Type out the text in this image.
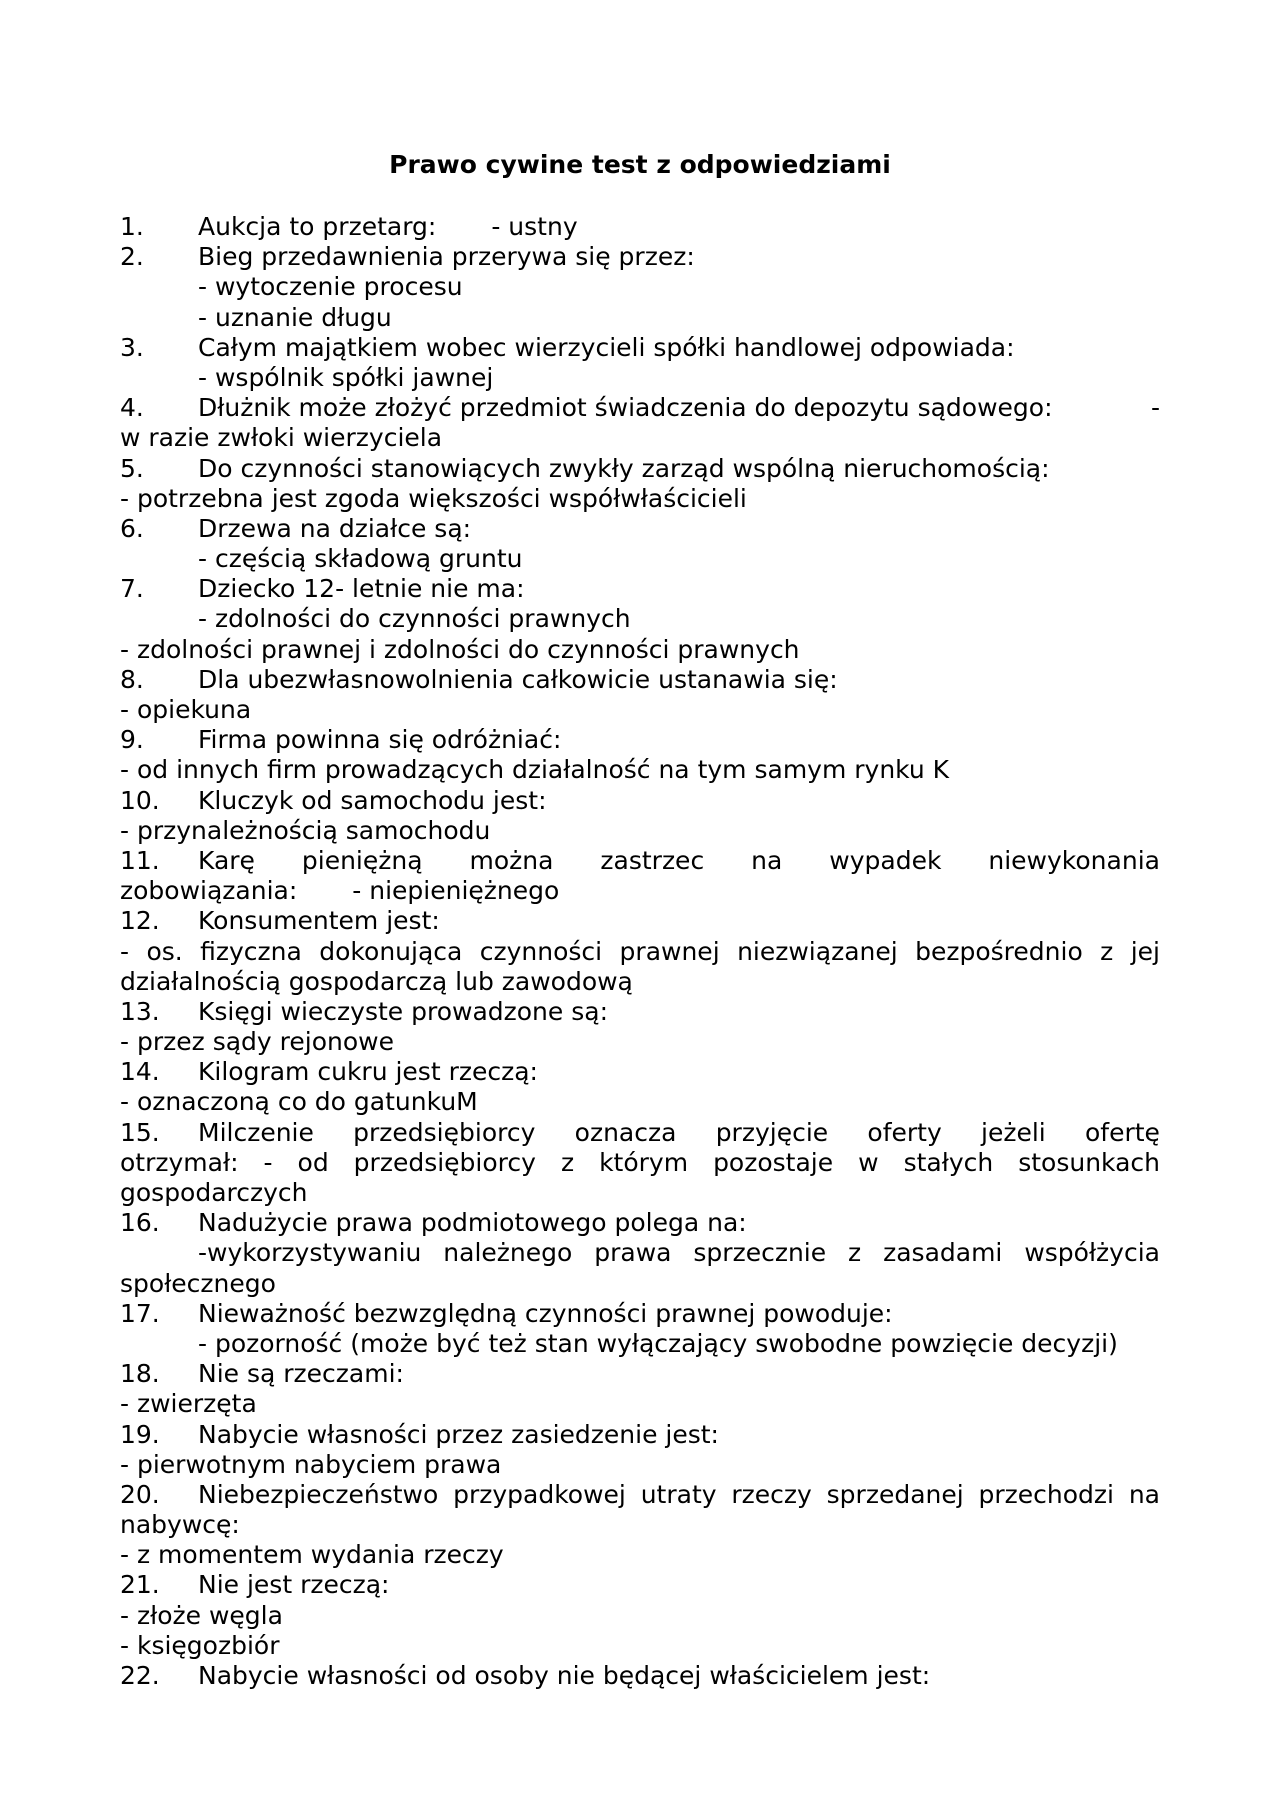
Prawo cywine test z odpowiedziami
1.	Aukcja to przetarg: - ustny
2.	Bieg przedawnienia przerywa się przez:
- wytoczenie procesu
- uznanie długu
3.	Całym majątkiem wobec wierzycieli spółki handlowej odpowiada:
- wspólnik spółki jawnej
4.	Dłużnik może złożyć przedmiot świadczenia do depozytu sądowego:	-
w razie zwłoki wierzyciela
5.	Do czynności stanowiących zwykły zarząd wspólną nieruchomością:
- potrzebna jest zgoda większości współwłaścicieli
6.	Drzewa na działce są:
- częścią składową gruntu
7.	Dziecko 12- letnie nie ma:
- zdolności do czynności prawnych
- zdolności prawnej i zdolności do czynności prawnych
8.	Dla ubezwłasnowolnienia całkowicie ustanawia się:
- opiekuna
9.	Firma powinna się odróżniać:
- od innych firm prowadzących działalność na tym samym rynku K
10.	Kluczyk od samochodu jest:
- przynależnością samochodu
11.	Karę pieniężną można zastrzec na wypadek niewykonania
zobowiązania: - niepieniężnego
12.	Konsumentem jest:
- os. fizyczna dokonująca czynności prawnej niezwiązanej bezpośrednio z jej
działalnością gospodarczą lub zawodową
13.	Księgi wieczyste prowadzone są:
- przez sądy rejonowe
14.	Kilogram cukru jest rzeczą:
- oznaczoną co do gatunkuM
15.	Milczenie przedsiębiorcy oznacza przyjęcie oferty jeżeli ofertę
otrzymał: - od przedsiębiorcy z którym pozostaje w stałych stosunkach
gospodarczych
16.	Nadużycie prawa podmiotowego polega na:
-wykorzystywaniu należnego prawa sprzecznie z zasadami współżycia
społecznego
17.	Nieważność bezwzględną czynności prawnej powoduje:
- pozorność (może być też stan wyłączający swobodne powzięcie decyzji)
18.	Nie są rzeczami:
- zwierzęta
19.	Nabycie własności przez zasiedzenie jest:
- pierwotnym nabyciem prawa
20.	Niebezpieczeństwo przypadkowej utraty rzeczy sprzedanej przechodzi na
nabywcę:
- z momentem wydania rzeczy
21.	Nie jest rzeczą:
- złoże węgla
- księgozbiór
22.	Nabycie własności od osoby nie będącej właścicielem jest:
